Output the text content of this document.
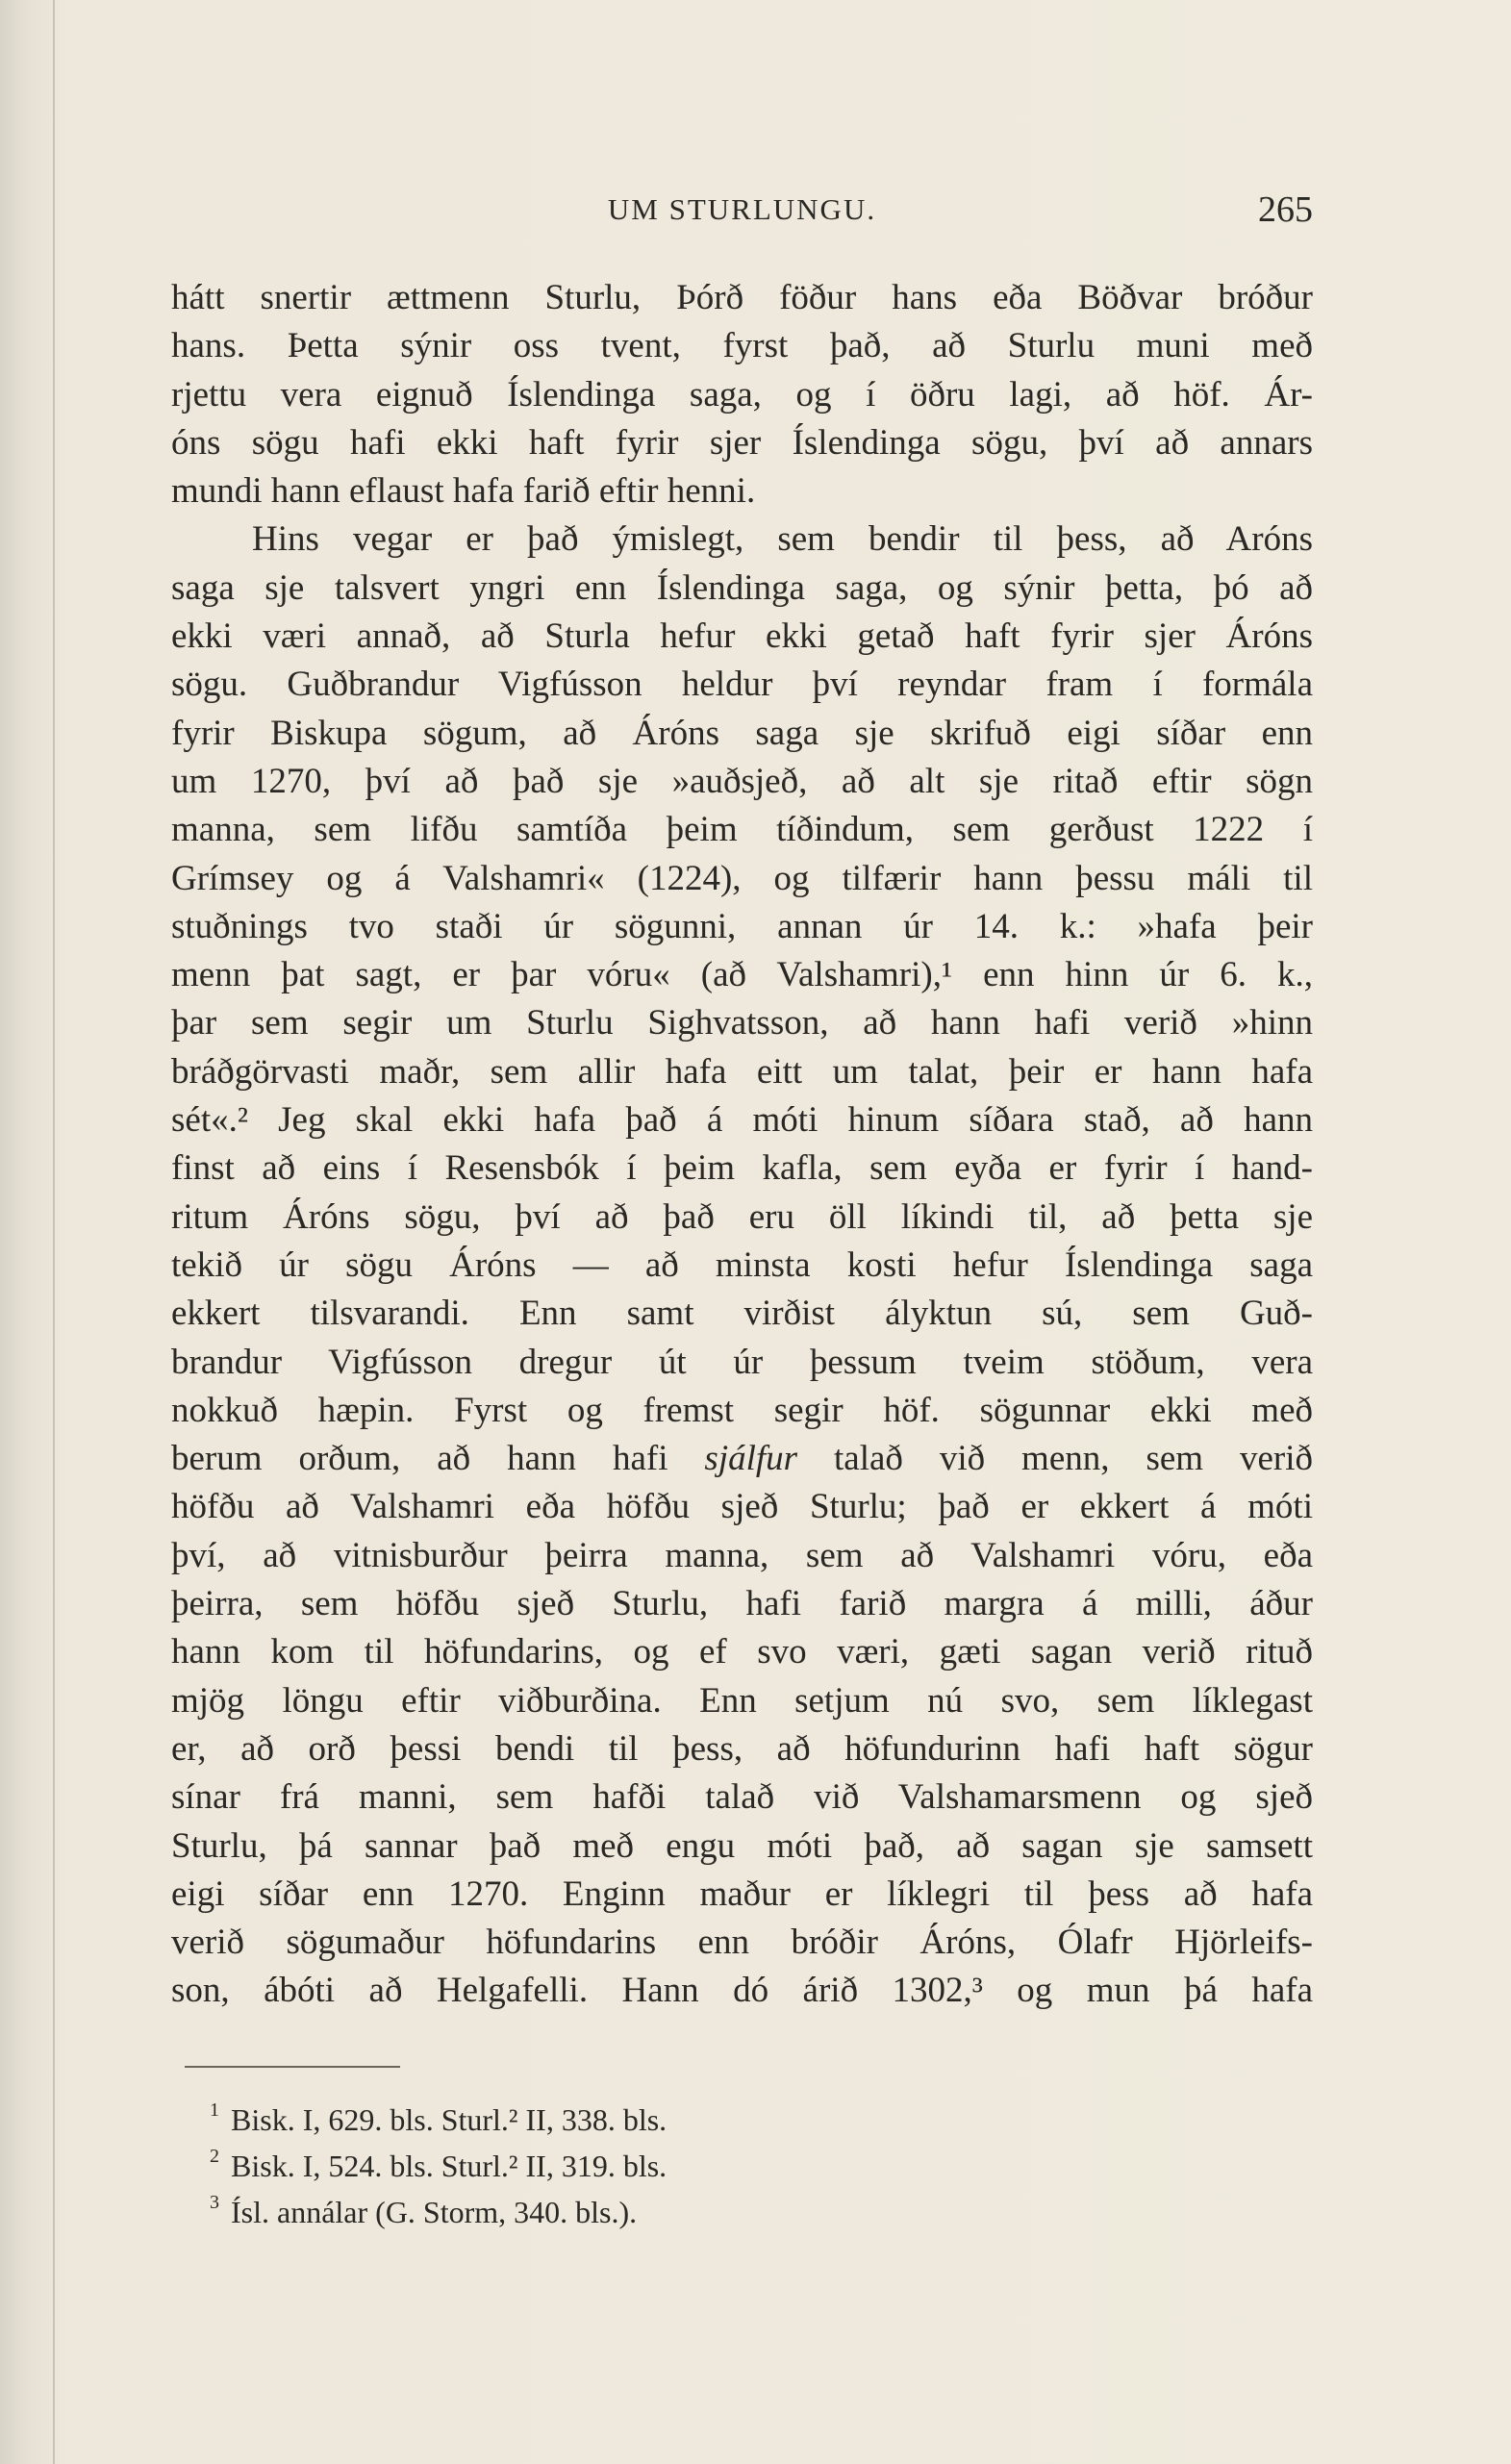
UM STURLUNGU.	265
hátt snertir ættmenn Sturlu, Þórð föður hans eða Böðvar bróður
hans. Þetta sýnir oss tvent, fyrst það, að Sturlu muni með
rjettu vera eignuð Íslendinga saga, og í öðru lagi, að höf. Ár-
óns sögu hafi ekki haft fyrir sjer Íslendinga sögu, því að annars
mundi hann eflaust hafa farið eftir henni.
Hins vegar er það ýmislegt, sem bendir til þess, að Aróns
saga sje talsvert yngri enn Íslendinga saga, og sýnir þetta, þó að
ekki væri annað, að Sturla hefur ekki getað haft fyrir sjer Áróns
sögu. Guðbrandur Vigfússon heldur því reyndar fram í formála
fyrir Biskupa sögum, að Áróns saga sje skrifuð eigi síðar enn
um 1270, því að það sje »auðsjeð, að alt sje ritað eftir sögn
manna, sem lifðu samtíða þeim tíðindum, sem gerðust 1222 í
Grímsey og á Valshamri« (1224), og tilfærir hann þessu máli til
stuðnings tvo staði úr sögunni, annan úr 14. k.: »hafa þeir
menn þat sagt, er þar vóru« (að Valshamri),¹ enn hinn úr 6. k.,
þar sem segir um Sturlu Sighvatsson, að hann hafi verið »hinn
bráðgörvasti maðr, sem allir hafa eitt um talat, þeir er hann hafa
sét«.² Jeg skal ekki hafa það á móti hinum síðara stað, að hann
finst að eins í Resensbók í þeim kafla, sem eyða er fyrir í hand-
ritum Áróns sögu, því að það eru öll líkindi til, að þetta sje
tekið úr sögu Áróns — að minsta kosti hefur Íslendinga saga
ekkert tilsvarandi. Enn samt virðist ályktun sú, sem Guð-
brandur Vigfússon dregur út úr þessum tveim stöðum, vera
nokkuð hæpin. Fyrst og fremst segir höf. sögunnar ekki með
berum orðum, að hann hafi sjálfur talað við menn, sem verið
höfðu að Valshamri eða höfðu sjeð Sturlu; það er ekkert á móti
því, að vitnisburður þeirra manna, sem að Valshamri vóru, eða
þeirra, sem höfðu sjeð Sturlu, hafi farið margra á milli, áður
hann kom til höfundarins, og ef svo væri, gæti sagan verið rituð
mjög löngu eftir viðburðina. Enn setjum nú svo, sem líklegast
er, að orð þessi bendi til þess, að höfundurinn hafi haft sögur
sínar frá manni, sem hafði talað við Valshamarsmenn og sjeð
Sturlu, þá sannar það með engu móti það, að sagan sje samsett
eigi síðar enn 1270. Enginn maður er líklegri til þess að hafa
verið sögumaður höfundarins enn bróðir Áróns, Ólafr Hjörleifs-
son, ábóti að Helgafelli. Hann dó árið 1302,³ og mun þá hafa
1 Bisk. I, 629. bls. Sturl.² II, 338. bls.
2 Bisk. I, 524. bls. Sturl.² II, 319. bls.
3 Ísl. annálar (G. Storm, 340. bls.).
